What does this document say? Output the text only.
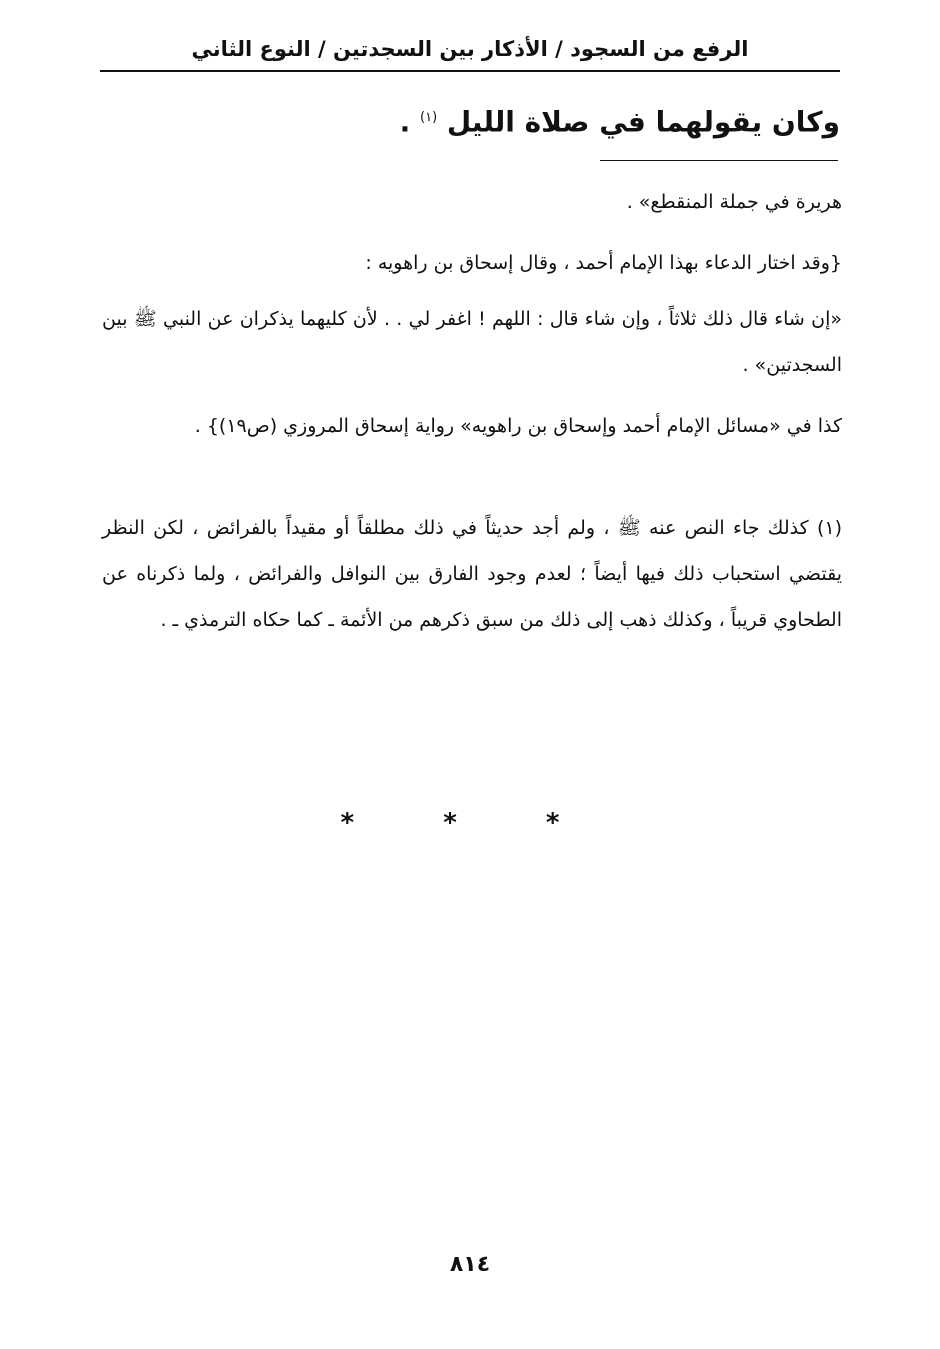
الرفع من السجود / الأذكار بين السجدتين / النوع الثاني
وكان يقولهما في صلاة الليل $^{(١)}$ .
هريرة في جملة المنقطع» .
{وقد اختار الدعاء بهذا الإمام أحمد ، وقال إسحاق بن راهويه :
«إن شاء قال ذلك ثلاثاً ، وإن شاء قال : اللهم ! اغفر لي . . لأن كليهما يذكران عن النبي ﷺ بين السجدتين» .
كذا في «مسائل الإمام أحمد وإسحاق بن راهويه» رواية إسحاق المروزي (ص١٩)} .
(١) كذلك جاء النص عنه ﷺ ، ولم أجد حديثاً في ذلك مطلقاً أو مقيداً بالفرائض ، لكن النظر يقتضي استحباب ذلك فيها أيضاً ؛ لعدم وجود الفارق بين النوافل والفرائض ، ولما ذكرناه عن الطحاوي قريباً ، وكذلك ذهب إلى ذلك من سبق ذكرهم من الأئمة ـ كما حكاه الترمذي ـ .
* * *
٨١٤
